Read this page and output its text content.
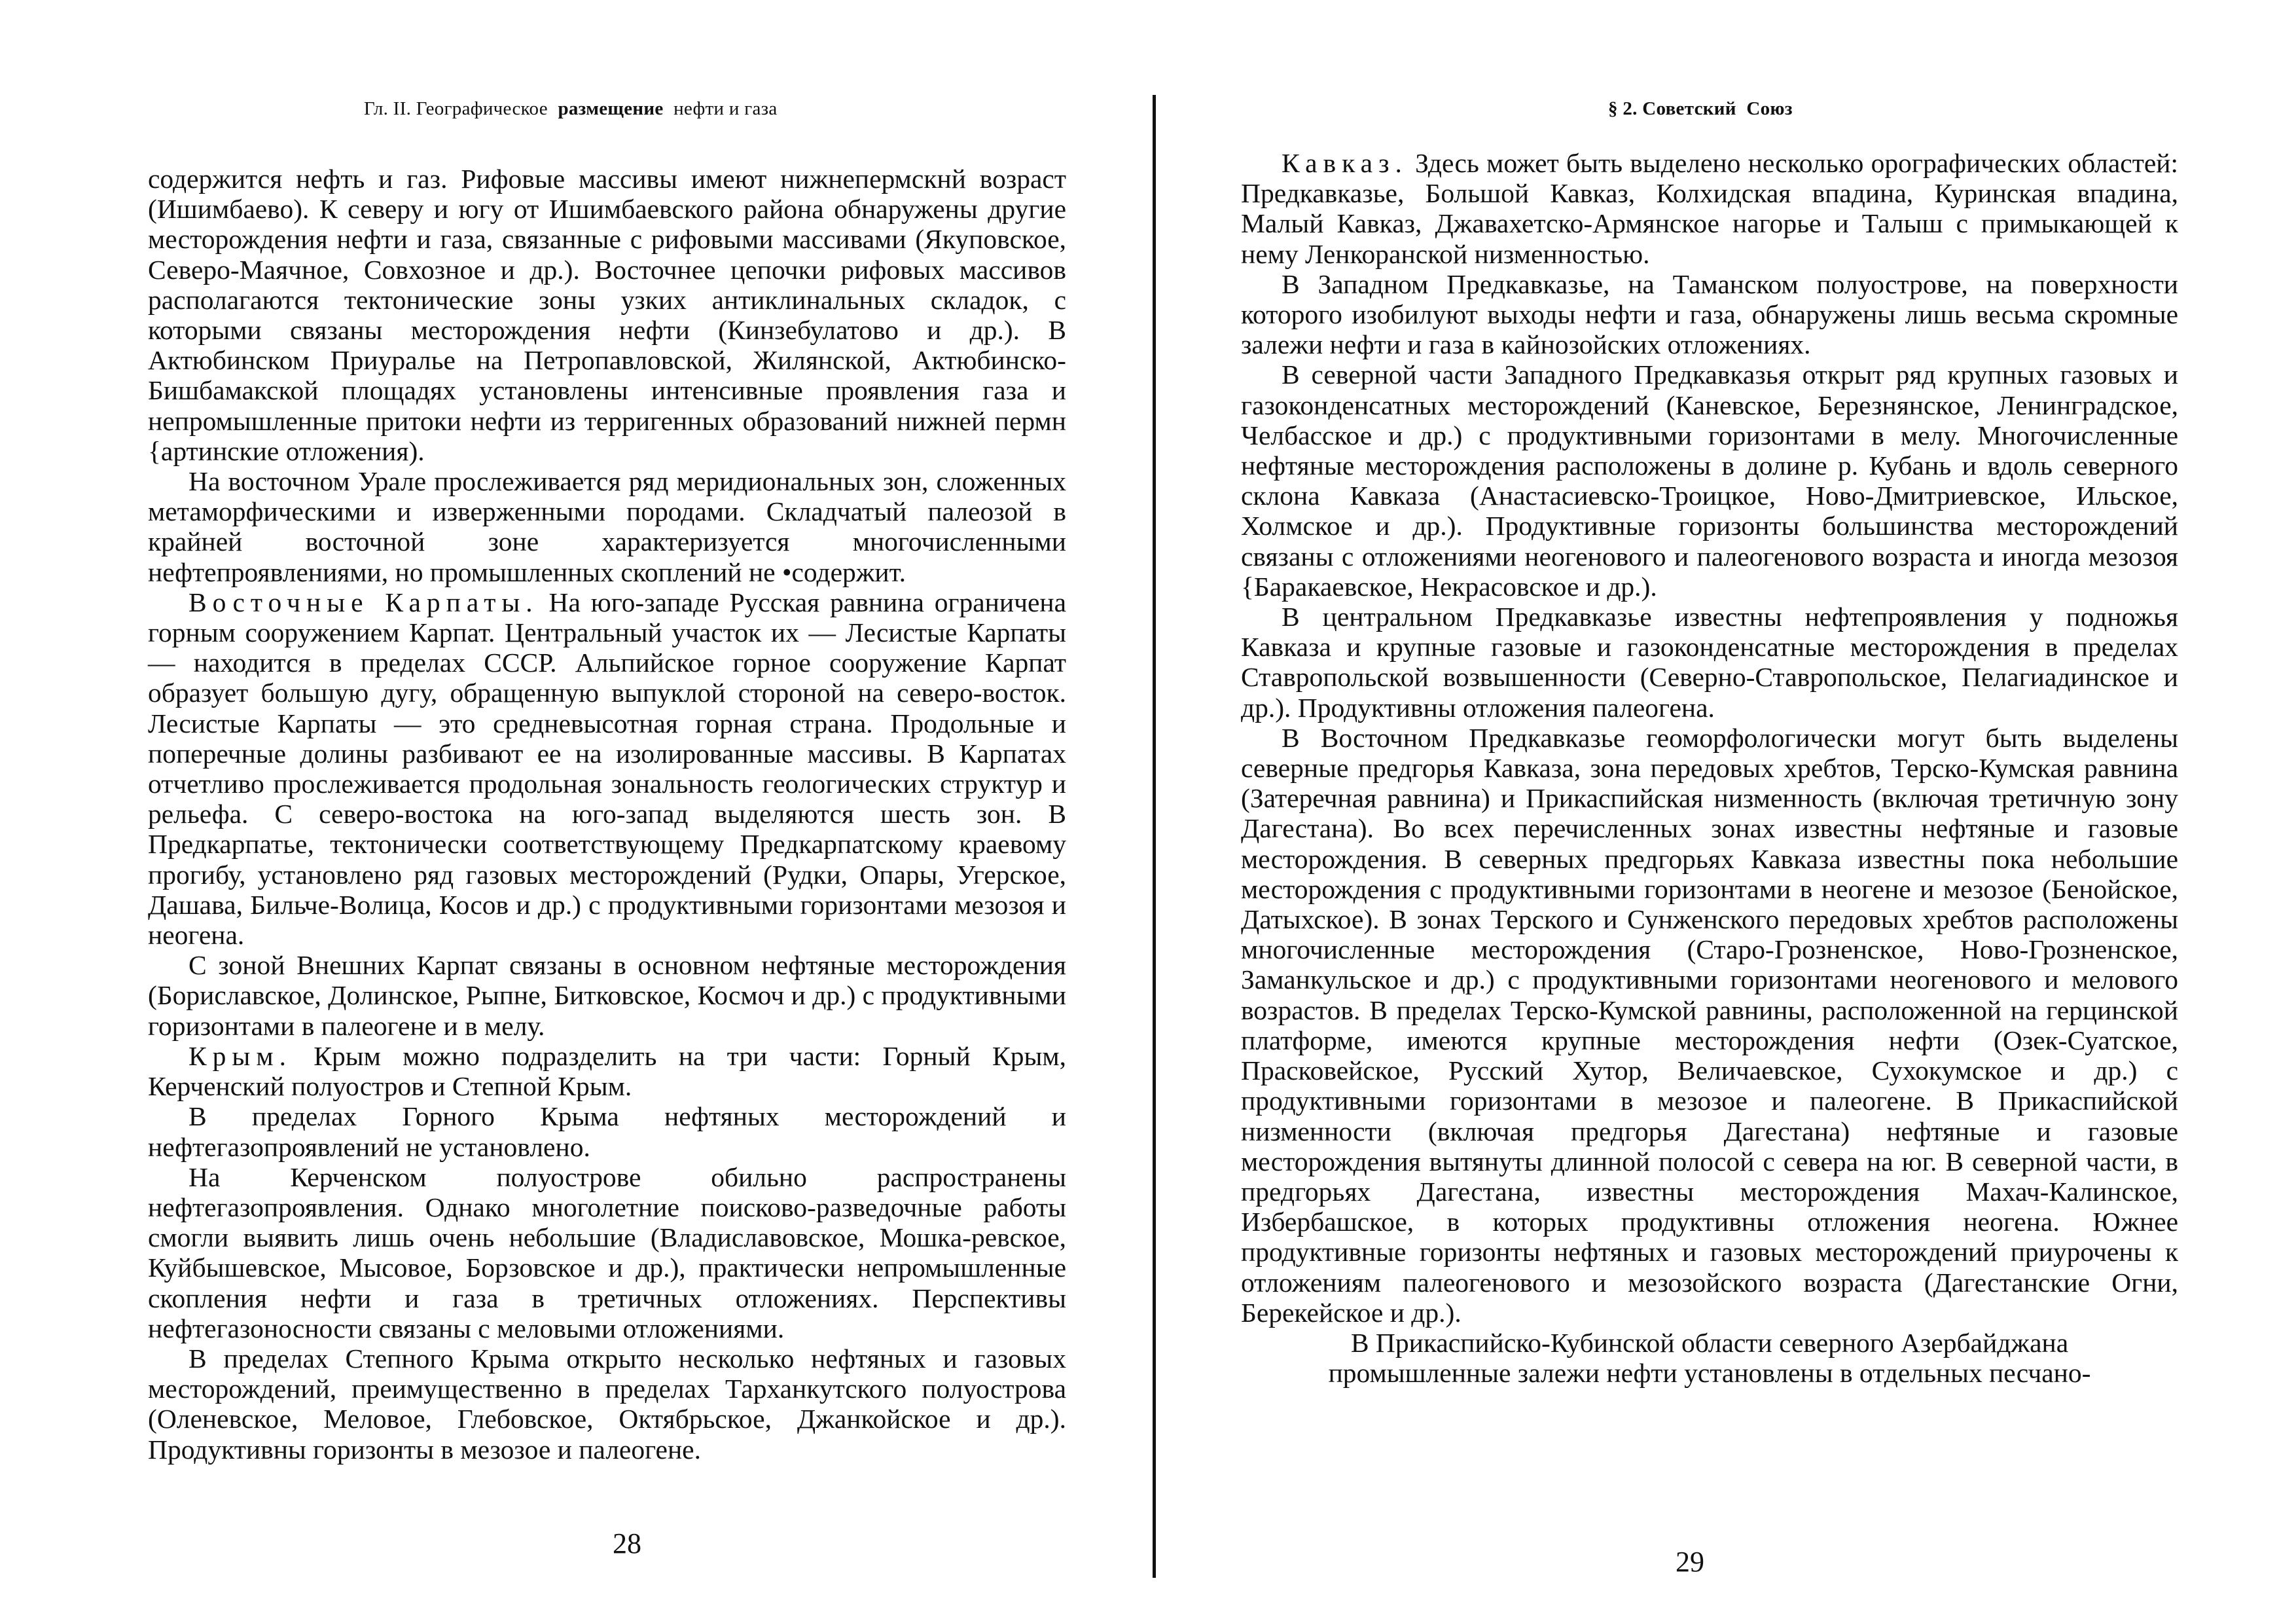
Гл. II. Географическое размещение нефти и газа

содержится нефть и газ. Рифовые массивы имеют нижнепермскнй возраст (Ишимбаево). К северу и югу от Ишимбаевского района обнаружены другие месторождения нефти и газа, связанные с рифовыми массивами (Якуповское, Северо-Маячное, Совхозное и др.). Восточнее цепочки рифовых массивов располагаются тектонические зоны узких антиклинальных складок, с которыми связаны месторождения нефти (Кинзебулатово и др.). В Актюбинском Приуралье на Петропавловской, Жилянской, Актюбинско-Бишбамакской площадях установлены интенсивные проявления газа и непромышленные притоки нефти из терригенных образований нижней пермн {артинские отложения).

На восточном Урале прослеживается ряд меридиональных зон, сложенных метаморфическими и изверженными породами. Складчатый палеозой в крайней восточной зоне характеризуется многочисленными нефтепроявлениями, но промышленных скоплений не •содержит.

Восточные Карпаты. На юго-западе Русская равнина ограничена горным сооружением Карпат. Центральный участок их — Лесистые Карпаты — находится в пределах СССР. Альпийское горное сооружение Карпат образует большую дугу, обращенную выпуклой стороной на северо-восток. Лесистые Карпаты — это средневысотная горная страна. Продольные и поперечные долины разбивают ее на изолированные массивы. В Карпатах отчетливо прослеживается продольная зональность геологических структур и рельефа. С северо-востока на юго-запад выделяются шесть зон. В Предкарпатье, тектонически соответствующему Предкарпатскому краевому прогибу, установлено ряд газовых месторождений (Рудки, Опары, Угерское, Дашава, Бильче-Волица, Косов и др.) с продуктивными горизонтами мезозоя и неогена.

С зоной Внешних Карпат связаны в основном нефтяные месторождения (Бориславское, Долинское, Рыпне, Битковское, Космоч и др.) с продуктивными горизонтами в палеогене и в мелу.

Крым. Крым можно подразделить на три части: Горный Крым, Керченский полуостров и Степной Крым.

В пределах Горного Крыма нефтяных месторождений и нефтегазопроявлений не установлено.

На Керченском полуострове обильно распространены нефтегазопроявления. Однако многолетние поисково-разведочные работы смогли выявить лишь очень небольшие (Владиславовское, Мошка-ревское, Куйбышевское, Мысовое, Борзовское и др.), практически непромышленные скопления нефти и газа в третичных отложениях. Перспективы нефтегазоносности связаны с меловыми отложениями.

В пределах Степного Крыма открыто несколько нефтяных и газовых месторождений, преимущественно в пределах Тарханкутского полуострова (Оленевское, Меловое, Глебовское, Октябрьское, Джанкойское и др.). Продуктивны горизонты в мезозое и палеогене.

28
§ 2. Советский Союз

Кавказ. Здесь может быть выделено несколько орографических областей: Предкавказье, Большой Кавказ, Колхидская впадина, Куринская впадина, Малый Кавказ, Джавахетско-Армянское нагорье и Талыш с примыкающей к нему Ленкоранской низменностью.

В Западном Предкавказье, на Таманском полуострове, на поверхности которого изобилуют выходы нефти и газа, обнаружены лишь весьма скромные залежи нефти и газа в кайнозойских отложениях.

В северной части Западного Предкавказья открыт ряд крупных газовых и газоконденсатных месторождений (Каневское, Березнянское, Ленинградское, Челбасское и др.) с продуктивными горизонтами в мелу. Многочисленные нефтяные месторождения расположены в долине р. Кубань и вдоль северного склона Кавказа (Анастасиевско-Троицкое, Ново-Дмитриевское, Ильское, Холмское и др.). Продуктивные горизонты большинства месторождений связаны с отложениями неогенового и палеогенового возраста и иногда мезозоя {Баракаевское, Некрасовское и др.).

В центральном Предкавказье известны нефтепроявления у подножья Кавказа и крупные газовые и газоконденсатные месторождения в пределах Ставропольской возвышенности (Северно-Ставропольское, Пелагиадинское и др.). Продуктивны отложения палеогена.

В Восточном Предкавказье геоморфологически могут быть выделены северные предгорья Кавказа, зона передовых хребтов, Терско-Кумская равнина (Затеречная равнина) и Прикаспийская низменность (включая третичную зону Дагестана). Во всех перечисленных зонах известны нефтяные и газовые месторождения. В северных предгорьях Кавказа известны пока небольшие месторождения с продуктивными горизонтами в неогене и мезозое (Бенойское, Датыхское). В зонах Терского и Сунженского передовых хребтов расположены многочисленные месторождения (Старо-Грозненское, Ново-Грозненское, Заманкульское и др.) с продуктивными горизонтами неогенового и мелового возрастов. В пределах Терско-Кумской равнины, расположенной на герцинской платформе, имеются крупные месторождения нефти (Озек-Суатское, Прасковейское, Русский Хутор, Величаевское, Сухокумское и др.) с продуктивными горизонтами в мезозое и палеогене. В Прикаспийской низменности (включая предгорья Дагестана) нефтяные и газовые месторождения вытянуты длинной полосой с севера на юг. В северной части, в предгорьях Дагестана, известны месторождения Махач-Калинское, Избербашское, в которых продуктивны отложения неогена. Южнее продуктивные горизонты нефтяных и газовых месторождений приурочены к отложениям палеогенового и мезозойского возраста (Дагестанские Огни, Берекейское и др.).

В Прикаспийско-Кубинской области северного Азербайджана промышленные залежи нефти установлены в отдельных песчано-

29
